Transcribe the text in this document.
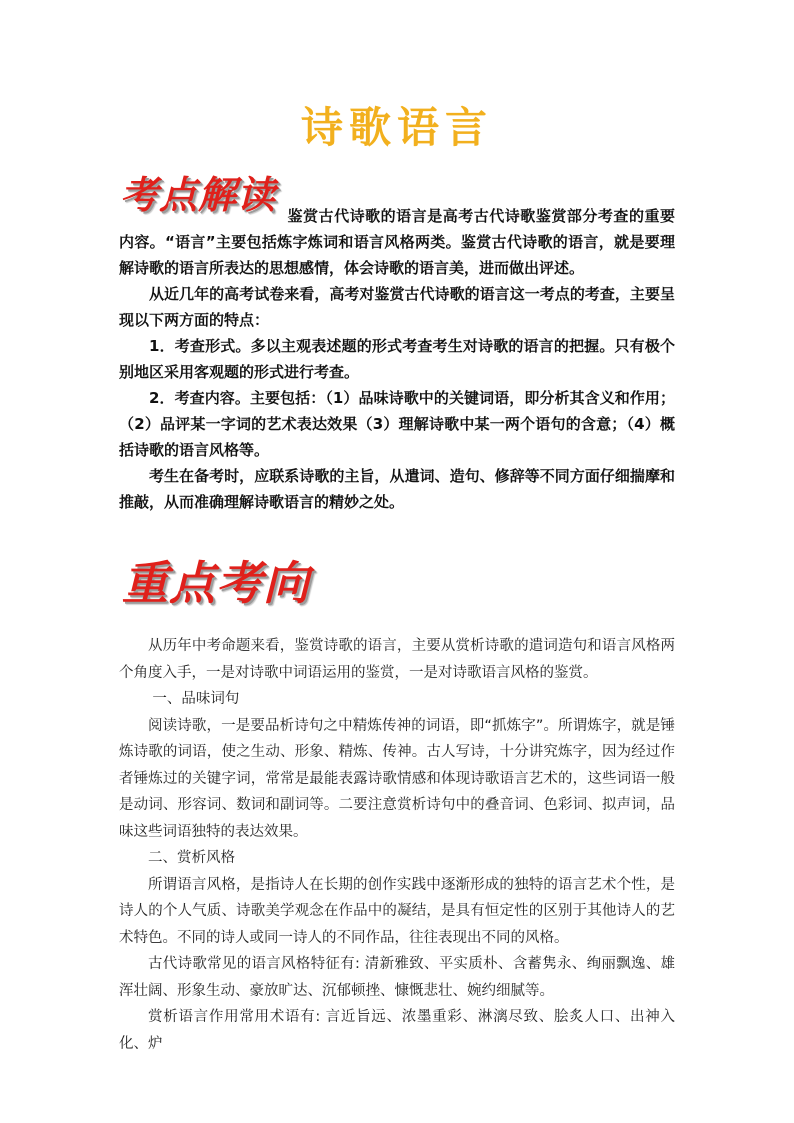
诗歌语言
考点解读 鉴赏古代诗歌的语言是高考古代诗歌鉴赏部分考查的重要内容。“语言”主要包括炼字炼词和语言风格两类。鉴赏古代诗歌的语言，就是要理解诗歌的语言所表达的思想感情，体会诗歌的语言美，进而做出评述。

从近几年的高考试卷来看，高考对鉴赏古代诗歌的语言这一考点的考查，主要呈现以下两方面的特点：

1．考查形式。多以主观表述题的形式考查考生对诗歌的语言的把握。只有极个别地区采用客观题的形式进行考查。

2．考查内容。主要包括：（1）品味诗歌中的关键词语，即分析其含义和作用；（2）品评某一字词的艺术表达效果（3）理解诗歌中某一两个语句的含意；（4）概括诗歌的语言风格等。

考生在备考时，应联系诗歌的主旨，从遣词、造句、修辞等不同方面仔细揣摩和推敲，从而准确理解诗歌语言的精妙之处。

重点考向

从历年中考命题来看，鉴赏诗歌的语言，主要从赏析诗歌的遣词造句和语言风格两个角度入手，一是对诗歌中词语运用的鉴赏，一是对诗歌语言风格的鉴赏。

一、品味词句

阅读诗歌，一是要品析诗句之中精炼传神的词语，即“抓炼字”。所谓炼字，就是锤炼诗歌的词语，使之生动、形象、精炼、传神。古人写诗，十分讲究炼字，因为经过作者锤炼过的关键字词，常常是最能表露诗歌情感和体现诗歌语言艺术的，这些词语一般是动词、形容词、数词和副词等。二要注意赏析诗句中的叠音词、色彩词、拟声词，品味这些词语独特的表达效果。

二、赏析风格

所谓语言风格，是指诗人在长期的创作实践中逐渐形成的独特的语言艺术个性，是诗人的个人气质、诗歌美学观念在作品中的凝结，是具有恒定性的区别于其他诗人的艺术特色。不同的诗人或同一诗人的不同作品，往往表现出不同的风格。

古代诗歌常见的语言风格特征有: 清新雅致、平实质朴、含蓄隽永、绚丽飘逸、雄浑壮阔、形象生动、豪放旷达、沉郁顿挫、慷慨悲壮、婉约细腻等。

赏析语言作用常用术语有: 言近旨远、浓墨重彩、淋漓尽致、脍炙人口、出神入化、炉
